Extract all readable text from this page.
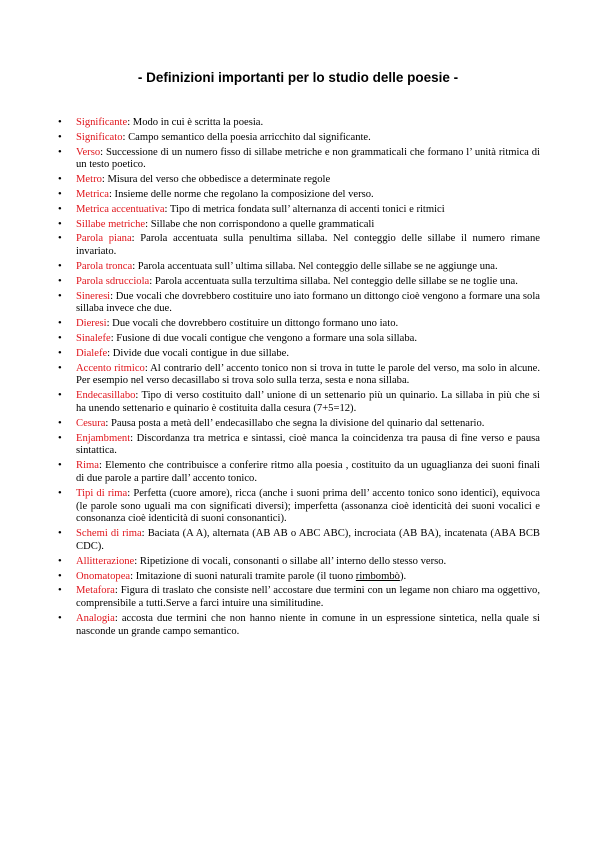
- Definizioni importanti per lo studio delle poesie -
•	Significante: Modo in cui è scritta la poesia.
•	Significato: Campo semantico della poesia arricchito dal significante.
•	Verso: Successione di un numero fisso di sillabe metriche e non grammaticali che formano l’ unità ritmica di un testo poetico.
•	Metro: Misura del verso che obbedisce a determinate regole
•	Metrica: Insieme delle norme che regolano la composizione del verso.
•	Metrica accentuativa: Tipo di metrica fondata sull’ alternanza di accenti tonici e ritmici
•	Sillabe metriche: Sillabe che non corrispondono a quelle grammaticali
•	Parola piana: Parola accentuata sulla penultima sillaba. Nel conteggio delle sillabe il numero rimane invariato.
•	Parola tronca: Parola accentuata sull’ ultima sillaba. Nel conteggio delle sillabe se ne aggiunge una.
•	Parola sdrucciola: Parola accentuata sulla terzultima sillaba. Nel conteggio delle sillabe se ne toglie una.
•	Sineresi: Due vocali che dovrebbero costituire uno iato formano un dittongo cioè vengono a formare una sola sillaba invece che due.
•	Dieresi: Due vocali che dovrebbero costituire un dittongo formano uno iato.
•	Sinalefe: Fusione di due vocali contigue che vengono a formare una sola sillaba.
•	Dialefe: Divide due vocali contigue in due sillabe.
•	Accento ritmico: Al contrario dell’ accento tonico non si trova in tutte le parole del verso, ma solo in alcune. Per esempio nel verso decasillabo si trova solo sulla terza, sesta e nona sillaba.
•	Endecasillabo: Tipo di verso costituito dall’ unione di un settenario più un quinario. La sillaba in più che si ha unendo settenario e quinario è costituita dalla cesura (7+5=12).
•	Cesura: Pausa posta a metà dell’ endecasillabo che segna la divisione del quinario dal settenario.
•	Enjambment: Discordanza tra metrica e sintassi, cioè manca la coincidenza tra pausa di fine verso e pausa sintattica.
•	Rima: Elemento che contribuisce a conferire ritmo alla poesia , costituito da un uguaglianza dei suoni finali di due parole a partire dall’ accento tonico.
•	Tipi di rima: Perfetta (cuore amore), ricca (anche i suoni prima dell’ accento tonico sono identici), equivoca (le parole sono uguali ma con significati diversi); imperfetta (assonanza cioè identicità dei suoni vocalici e consonanza cioè identicità di suoni consonantici).
•	Schemi di rima: Baciata (A A), alternata (AB AB o ABC ABC), incrociata (AB BA), incatenata (ABA BCB CDC).
•	Allitterazione: Ripetizione di vocali, consonanti o sillabe all’ interno dello stesso verso.
•	Onomatopea: Imitazione di suoni naturali tramite parole (il tuono rimbombò).
•	Metafora: Figura di traslato che consiste nell’ accostare due termini con un legame non chiaro ma oggettivo, comprensibile a tutti.Serve a farci intuire una similitudine.
•	Analogia: accosta due termini che non hanno niente in comune in un espressione sintetica, nella quale si nasconde un grande campo semantico.
